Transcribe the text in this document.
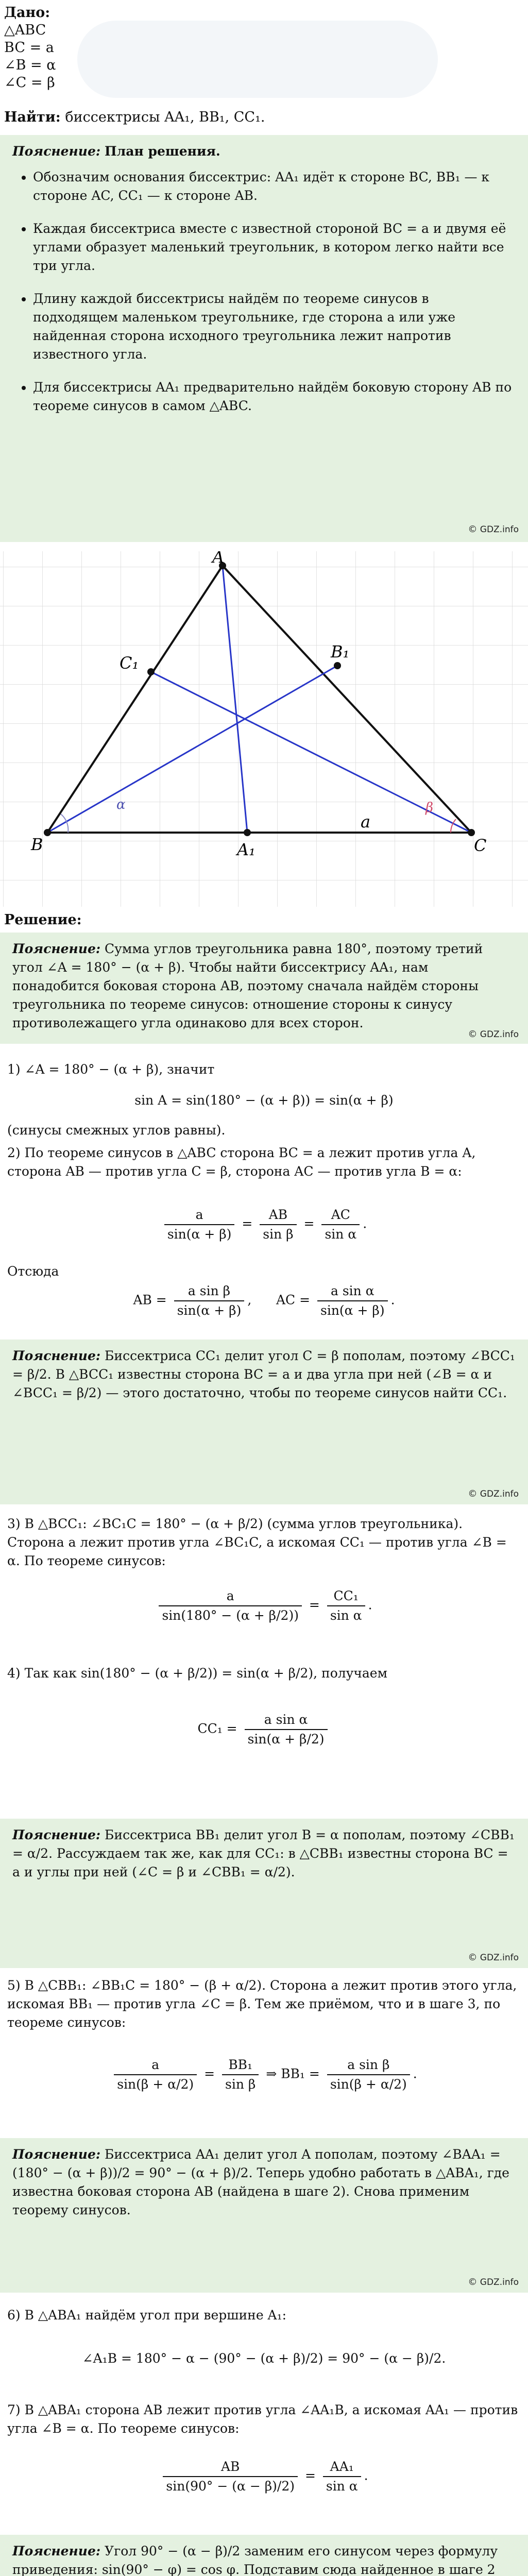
Дано:
△ABC
BC = a
∠B = α
∠C = β
Найти: биссектрисы AA₁, BB₁, CC₁.

Пояснение: План решения.

• Обозначим основания биссектрис: AA₁ идёт к стороне BC, BB₁ — к стороне AC, CC₁ — к стороне AB.
• Каждая биссектриса вместе с известной стороной BC = a и двумя её углами образует маленький треугольник, в котором легко найти все три угла.
• Длину каждой биссектрисы найдём по теореме синусов в подходящем маленьком треугольнике, где сторона a или уже найденная сторона исходного треугольника лежит напротив известного угла.
• Для биссектрисы AA₁ предварительно найдём боковую сторону AB по теореме синусов в самом △ABC.
© GDZ.info
A
B	C
A₁
B₁
C₁
a
α	β
Решение:

Пояснение: Сумма углов треугольника равна 180°, поэтому третий угол ∠A = 180° − (α + β). Чтобы найти биссектрису AA₁, нам понадобится боковая сторона AB, поэтому сначала найдём стороны треугольника по теореме синусов: отношение стороны к синусу противолежащего угла одинаково для всех сторон.

© GDZ.info
1) ∠A = 180° − (α + β), значит
sin A = sin(180° − (α + β)) = sin(α + β)
(синусы смежных углов равны).
2) По теореме синусов в △ABC сторона BC = a лежит против угла A, сторона AB — против угла C = β, сторона AC — против угла B = α:
$\frac{a}{\sin(\alpha + \beta)} = \frac{AB}{\text{sin β}} = \frac{AC}{\text{sin α}}$ .
Отсюда
AB = $\frac{\text{a sin β}}{\sin(\alpha + \beta)}$ ,      AC = $\frac{\text{a sin α}}{\sin(\alpha + \beta)}$ .

Пояснение: Биссектриса CC₁ делит угол C = β пополам, поэтому ∠BCC₁ = β/2. В △BCC₁ известны сторона BC = a и два угла при ней (∠B = α и ∠BCC₁ = β/2) — этого достаточно, чтобы по теореме синусов найти CC₁.

© GDZ.info
3) В △BCC₁: ∠BC₁C = 180° − (α + β/2) (сумма углов треугольника). Сторона a лежит против угла ∠BC₁C, а искомая CC₁ — против угла ∠B = α. По теореме синусов:
$\frac{a}{\sin(180^\circ - (\alpha + \beta/2))} = \frac{\text{CC₁}}{\text{sin α}}$ .
4) Так как sin(180° − (α + β/2)) = sin(α + β/2), получаем
$CC_1 = \frac{\text{a sin α}}{\sin(\alpha + \beta/2)}$

Пояснение: Биссектриса BB₁ делит угол B = α пополам, поэтому ∠CBB₁ = α/2. Рассуждаем так же, как для CC₁: в △CBB₁ известны сторона BC = a и углы при ней (∠C = β и ∠CBB₁ = α/2).

© GDZ.info
5) В △CBB₁: ∠BB₁C = 180° − (β + α/2). Сторона a лежит против этого угла, искомая BB₁ — против угла ∠C = β. Тем же приёмом, что и в шаге 3, по теореме синусов:
$\frac{a}{\sin(\beta + \alpha/2)} = \frac{\text{BB₁}}{\text{sin β}}$ ⇒ $BB_1 = \frac{\text{a sin β}}{\sin(\beta + \alpha/2)}$ .

Пояснение: Биссектриса AA₁ делит угол A пополам, поэтому ∠BAA₁ = (180° − (α + β))/2 = 90° − (α + β)/2. Теперь удобно работать в △ABA₁, где известна боковая сторона AB (найдена в шаге 2). Снова применим теорему синусов.

© GDZ.info
6) В △ABA₁ найдём угол при вершине A₁:
∠A₁B = 180° − α − (90° − (α + β)/2) = 90° − (α − β)/2.
7) В △ABA₁ сторона AB лежит против угла ∠AA₁B, а искомая AA₁ — против угла ∠B = α. По теореме синусов:
$\frac{AB}{\sin(90^\circ - (\alpha - \beta)/2)} = \frac{\text{AA₁}}{\text{sin α}}$ .

Пояснение: Угол 90° − (α − β)/2 заменим его синусом через формулу приведения: sin(90° − φ) = cos φ. Подставим сюда найденное в шаге 2
